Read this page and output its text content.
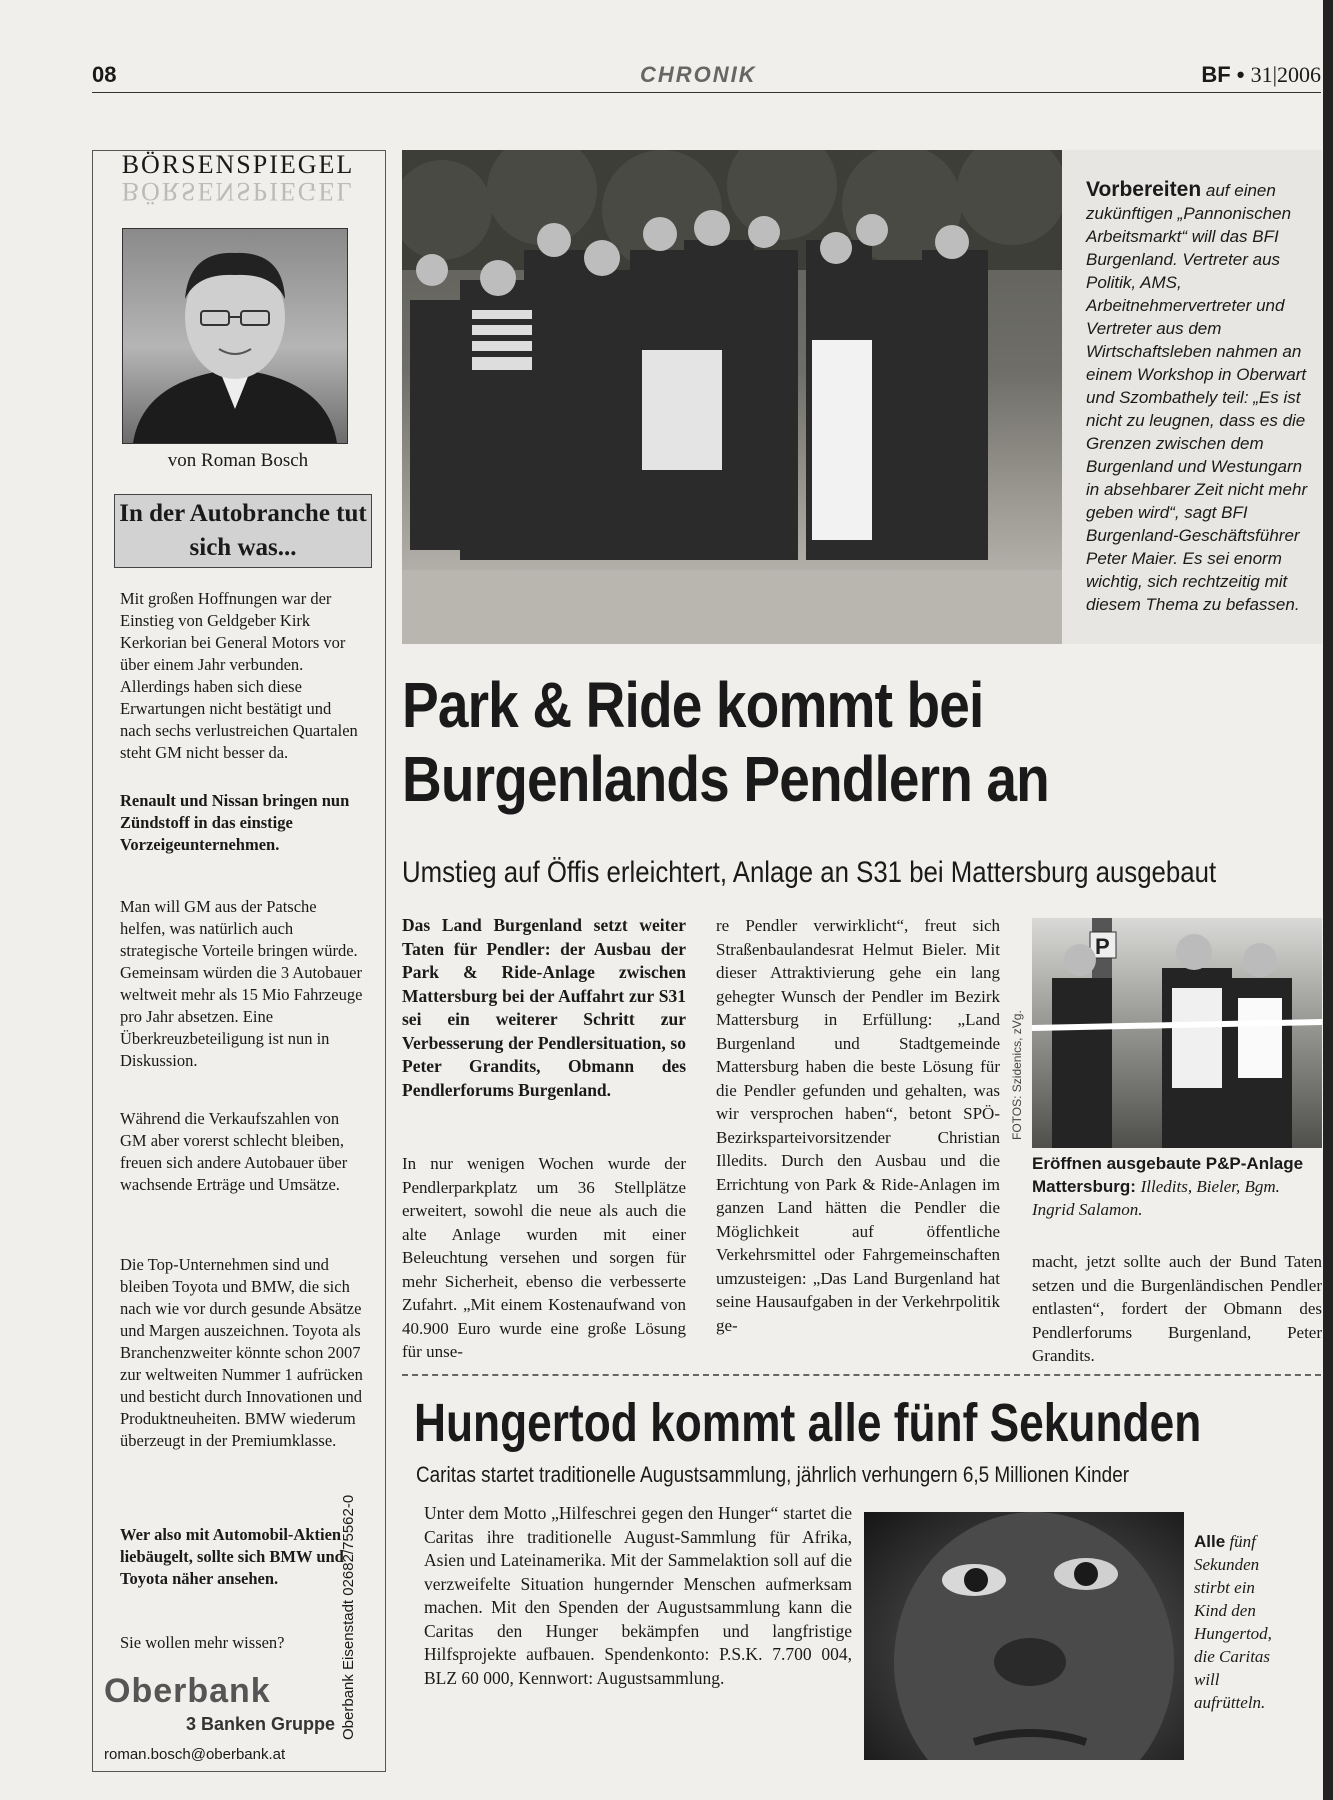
08	CHRONIK	BF • 31|2006
BÖRSENSPIEGEL
BÖRSENSPIEGEL
von Roman Bosch
In der Autobranche tut sich was...

Mit großen Hoffnungen war der Einstieg von Geldgeber Kirk Kerkorian bei General Motors vor über einem Jahr verbunden. Allerdings haben sich diese Erwartungen nicht bestätigt und nach sechs verlustreichen Quartalen steht GM nicht besser da.

Renault und Nissan bringen nun Zündstoff in das einstige Vorzeigeunternehmen.

Man will GM aus der Patsche helfen, was natürlich auch strategische Vorteile bringen würde. Gemeinsam würden die 3 Autobauer weltweit mehr als 15 Mio Fahrzeuge pro Jahr absetzen. Eine Überkreuzbeteiligung ist nun in Diskussion.

Während die Verkaufszahlen von GM aber vorerst schlecht bleiben, freuen sich andere Autobauer über wachsende Erträge und Umsätze.

Die Top-Unternehmen sind und bleiben Toyota und BMW, die sich nach wie vor durch gesunde Absätze und Margen auszeichnen. Toyota als Branchenzweiter könnte schon 2007 zur weltweiten Nummer 1 aufrücken und besticht durch Innovationen und Produktneuheiten. BMW wiederum überzeugt in der Premiumklasse.

Wer also mit Automobil-Aktien liebäugelt, sollte sich BMW und Toyota näher ansehen.

Sie wollen mehr wissen?

Oberbank
3 Banken Gruppe
roman.bosch@oberbank.at
Oberbank Eisenstadt 02682/75562-0

Vorbereiten auf einen zukünftigen „Pannonischen Arbeitsmarkt“ will das BFI Burgenland. Vertreter aus Politik, AMS, Arbeitnehmervertreter und Vertreter aus dem Wirtschaftsleben nahmen an einem Workshop in Oberwart und Szombathely teil: „Es ist nicht zu leugnen, dass es die Grenzen zwischen dem Burgenland und Westungarn in absehbarer Zeit nicht mehr geben wird“, sagt BFI Burgenland-Geschäftsführer Peter Maier. Es sei enorm wichtig, sich rechtzeitig mit diesem Thema zu befassen.

Park & Ride kommt bei
Burgenlands Pendlern an
Umstieg auf Öffis erleichtert, Anlage an S31 bei Mattersburg ausgebaut

Das Land Burgenland setzt weiter Taten für Pendler: der Ausbau der Park & Ride-Anlage zwischen Mattersburg bei der Auffahrt zur S31 sei ein weiterer Schritt zur Verbesserung der Pendlersituation, so Peter Grandits, Obmann des Pendlerforums Burgenland.

In nur wenigen Wochen wurde der Pendlerparkplatz um 36 Stellplätze erweitert, sowohl die neue als auch die alte Anlage wurden mit einer Beleuchtung versehen und sorgen für mehr Sicherheit, ebenso die verbesserte Zufahrt. „Mit einem Kostenaufwand von 40.900 Euro wurde eine große Lösung für unse-

re Pendler verwirklicht“, freut sich Straßenbaulandesrat Helmut Bieler. Mit dieser Attraktivierung gehe ein lang gehegter Wunsch der Pendler im Bezirk Mattersburg in Erfüllung: „Land Burgenland und Stadtgemeinde Mattersburg haben die beste Lösung für die Pendler gefunden und gehalten, was wir versprochen haben“, betont SPÖ-Bezirksparteivorsitzender Christian Illedits. Durch den Ausbau und die Errichtung von Park & Ride-Anlagen im ganzen Land hätten die Pendler die Möglichkeit auf öffentliche Verkehrsmittel oder Fahrgemeinschaften umzusteigen: „Das Land Burgenland hat seine Hausaufgaben in der Verkehrpolitik ge-

P
FOTOS: Szidenics, zVg.

Eröffnen ausgebaute P&P-Anlage Mattersburg: Illedits, Bieler, Bgm. Ingrid Salamon.

macht, jetzt sollte auch der Bund Taten setzen und die Burgenländischen Pendler entlasten“, fordert der Obmann des Pendlerforums Burgenland, Peter Grandits.

Hungertod kommt alle fünf Sekunden
Caritas startet traditionelle Augustsammlung, jährlich verhungern 6,5 Millionen Kinder

Unter dem Motto „Hilfeschrei gegen den Hunger“ startet die Caritas ihre traditionelle August-Sammlung für Afrika, Asien und Lateinamerika. Mit der Sammelaktion soll auf die verzweifelte Situation hungernder Menschen aufmerksam machen. Mit den Spenden der Augustsammlung kann die Caritas den Hunger bekämpfen und langfristige Hilfsprojekte aufbauen. Spendenkonto: P.S.K. 7.700 004, BLZ 60 000, Kennwort: Augustsammlung.

Alle fünf Sekunden stirbt ein Kind den Hungertod, die Caritas will aufrütteln.
